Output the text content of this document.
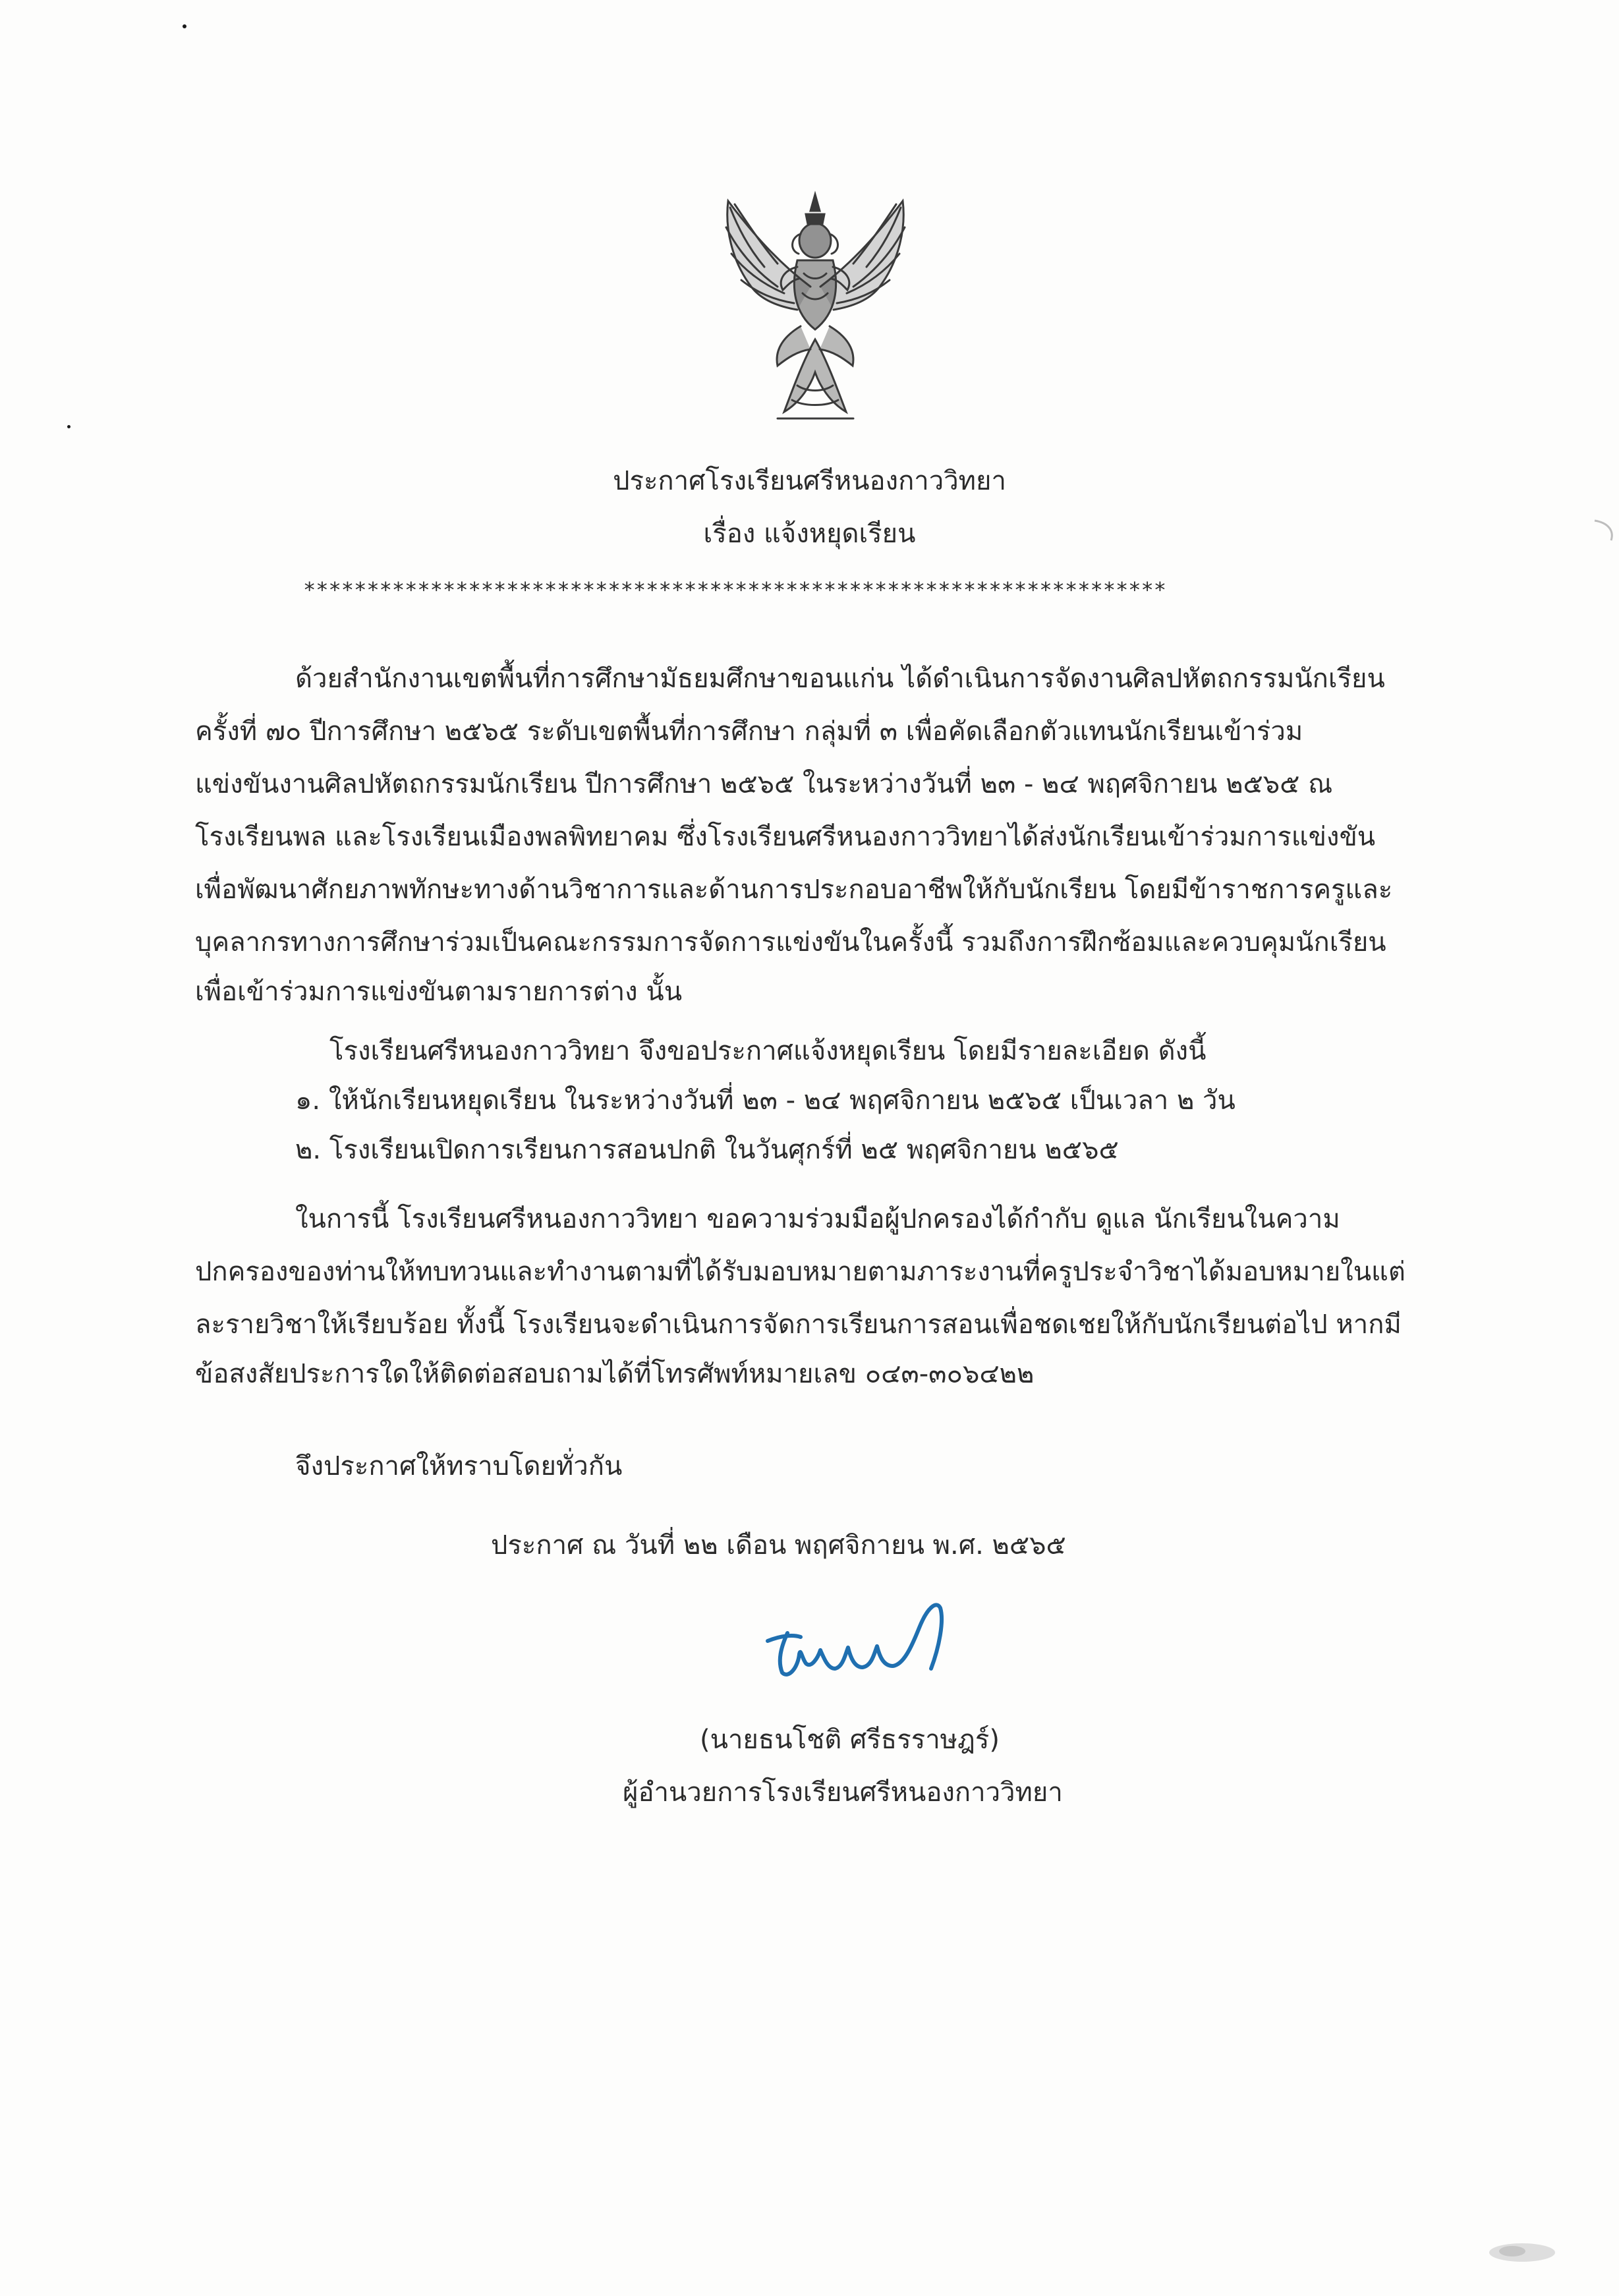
ประกาศโรงเรียนศรีหนองกาววิทยา
เรื่อง แจ้งหยุดเรียน
********************************************************************
ด้วยสำนักงานเขตพื้นที่การศึกษามัธยมศึกษาขอนแก่น ได้ดำเนินการจัดงานศิลปหัตถกรรมนักเรียน
ครั้งที่ ๗๐ ปีการศึกษา ๒๕๖๕ ระดับเขตพื้นที่การศึกษา กลุ่มที่ ๓ เพื่อคัดเลือกตัวแทนนักเรียนเข้าร่วม
แข่งขันงานศิลปหัตถกรรมนักเรียน ปีการศึกษา ๒๕๖๕ ในระหว่างวันที่ ๒๓ - ๒๔ พฤศจิกายน ๒๕๖๕ ณ
โรงเรียนพล และโรงเรียนเมืองพลพิทยาคม ซึ่งโรงเรียนศรีหนองกาววิทยาได้ส่งนักเรียนเข้าร่วมการแข่งขัน
เพื่อพัฒนาศักยภาพทักษะทางด้านวิชาการและด้านการประกอบอาชีพให้กับนักเรียน โดยมีข้าราชการครูและ
บุคลากรทางการศึกษาร่วมเป็นคณะกรรมการจัดการแข่งขันในครั้งนี้ รวมถึงการฝึกซ้อมและควบคุมนักเรียน
เพื่อเข้าร่วมการแข่งขันตามรายการต่าง นั้น
โรงเรียนศรีหนองกาววิทยา จึงขอประกาศแจ้งหยุดเรียน โดยมีรายละเอียด ดังนี้
๑. ให้นักเรียนหยุดเรียน ในระหว่างวันที่ ๒๓ - ๒๔ พฤศจิกายน ๒๕๖๕ เป็นเวลา ๒ วัน
๒. โรงเรียนเปิดการเรียนการสอนปกติ ในวันศุกร์ที่ ๒๕ พฤศจิกายน ๒๕๖๕
ในการนี้ โรงเรียนศรีหนองกาววิทยา ขอความร่วมมือผู้ปกครองได้กำกับ ดูแล นักเรียนในความ
ปกครองของท่านให้ทบทวนและทำงานตามที่ได้รับมอบหมายตามภาระงานที่ครูประจำวิชาได้มอบหมายในแต่
ละรายวิชาให้เรียบร้อย ทั้งนี้ โรงเรียนจะดำเนินการจัดการเรียนการสอนเพื่อชดเชยให้กับนักเรียนต่อไป หากมี
ข้อสงสัยประการใดให้ติดต่อสอบถามได้ที่โทรศัพท์หมายเลข ๐๔๓-๓๐๖๔๒๒
จึงประกาศให้ทราบโดยทั่วกัน
ประกาศ ณ วันที่ ๒๒ เดือน พฤศจิกายน พ.ศ. ๒๕๖๕
(นายธนโชติ ศรีธรราษฎร์)
ผู้อำนวยการโรงเรียนศรีหนองกาววิทยา
